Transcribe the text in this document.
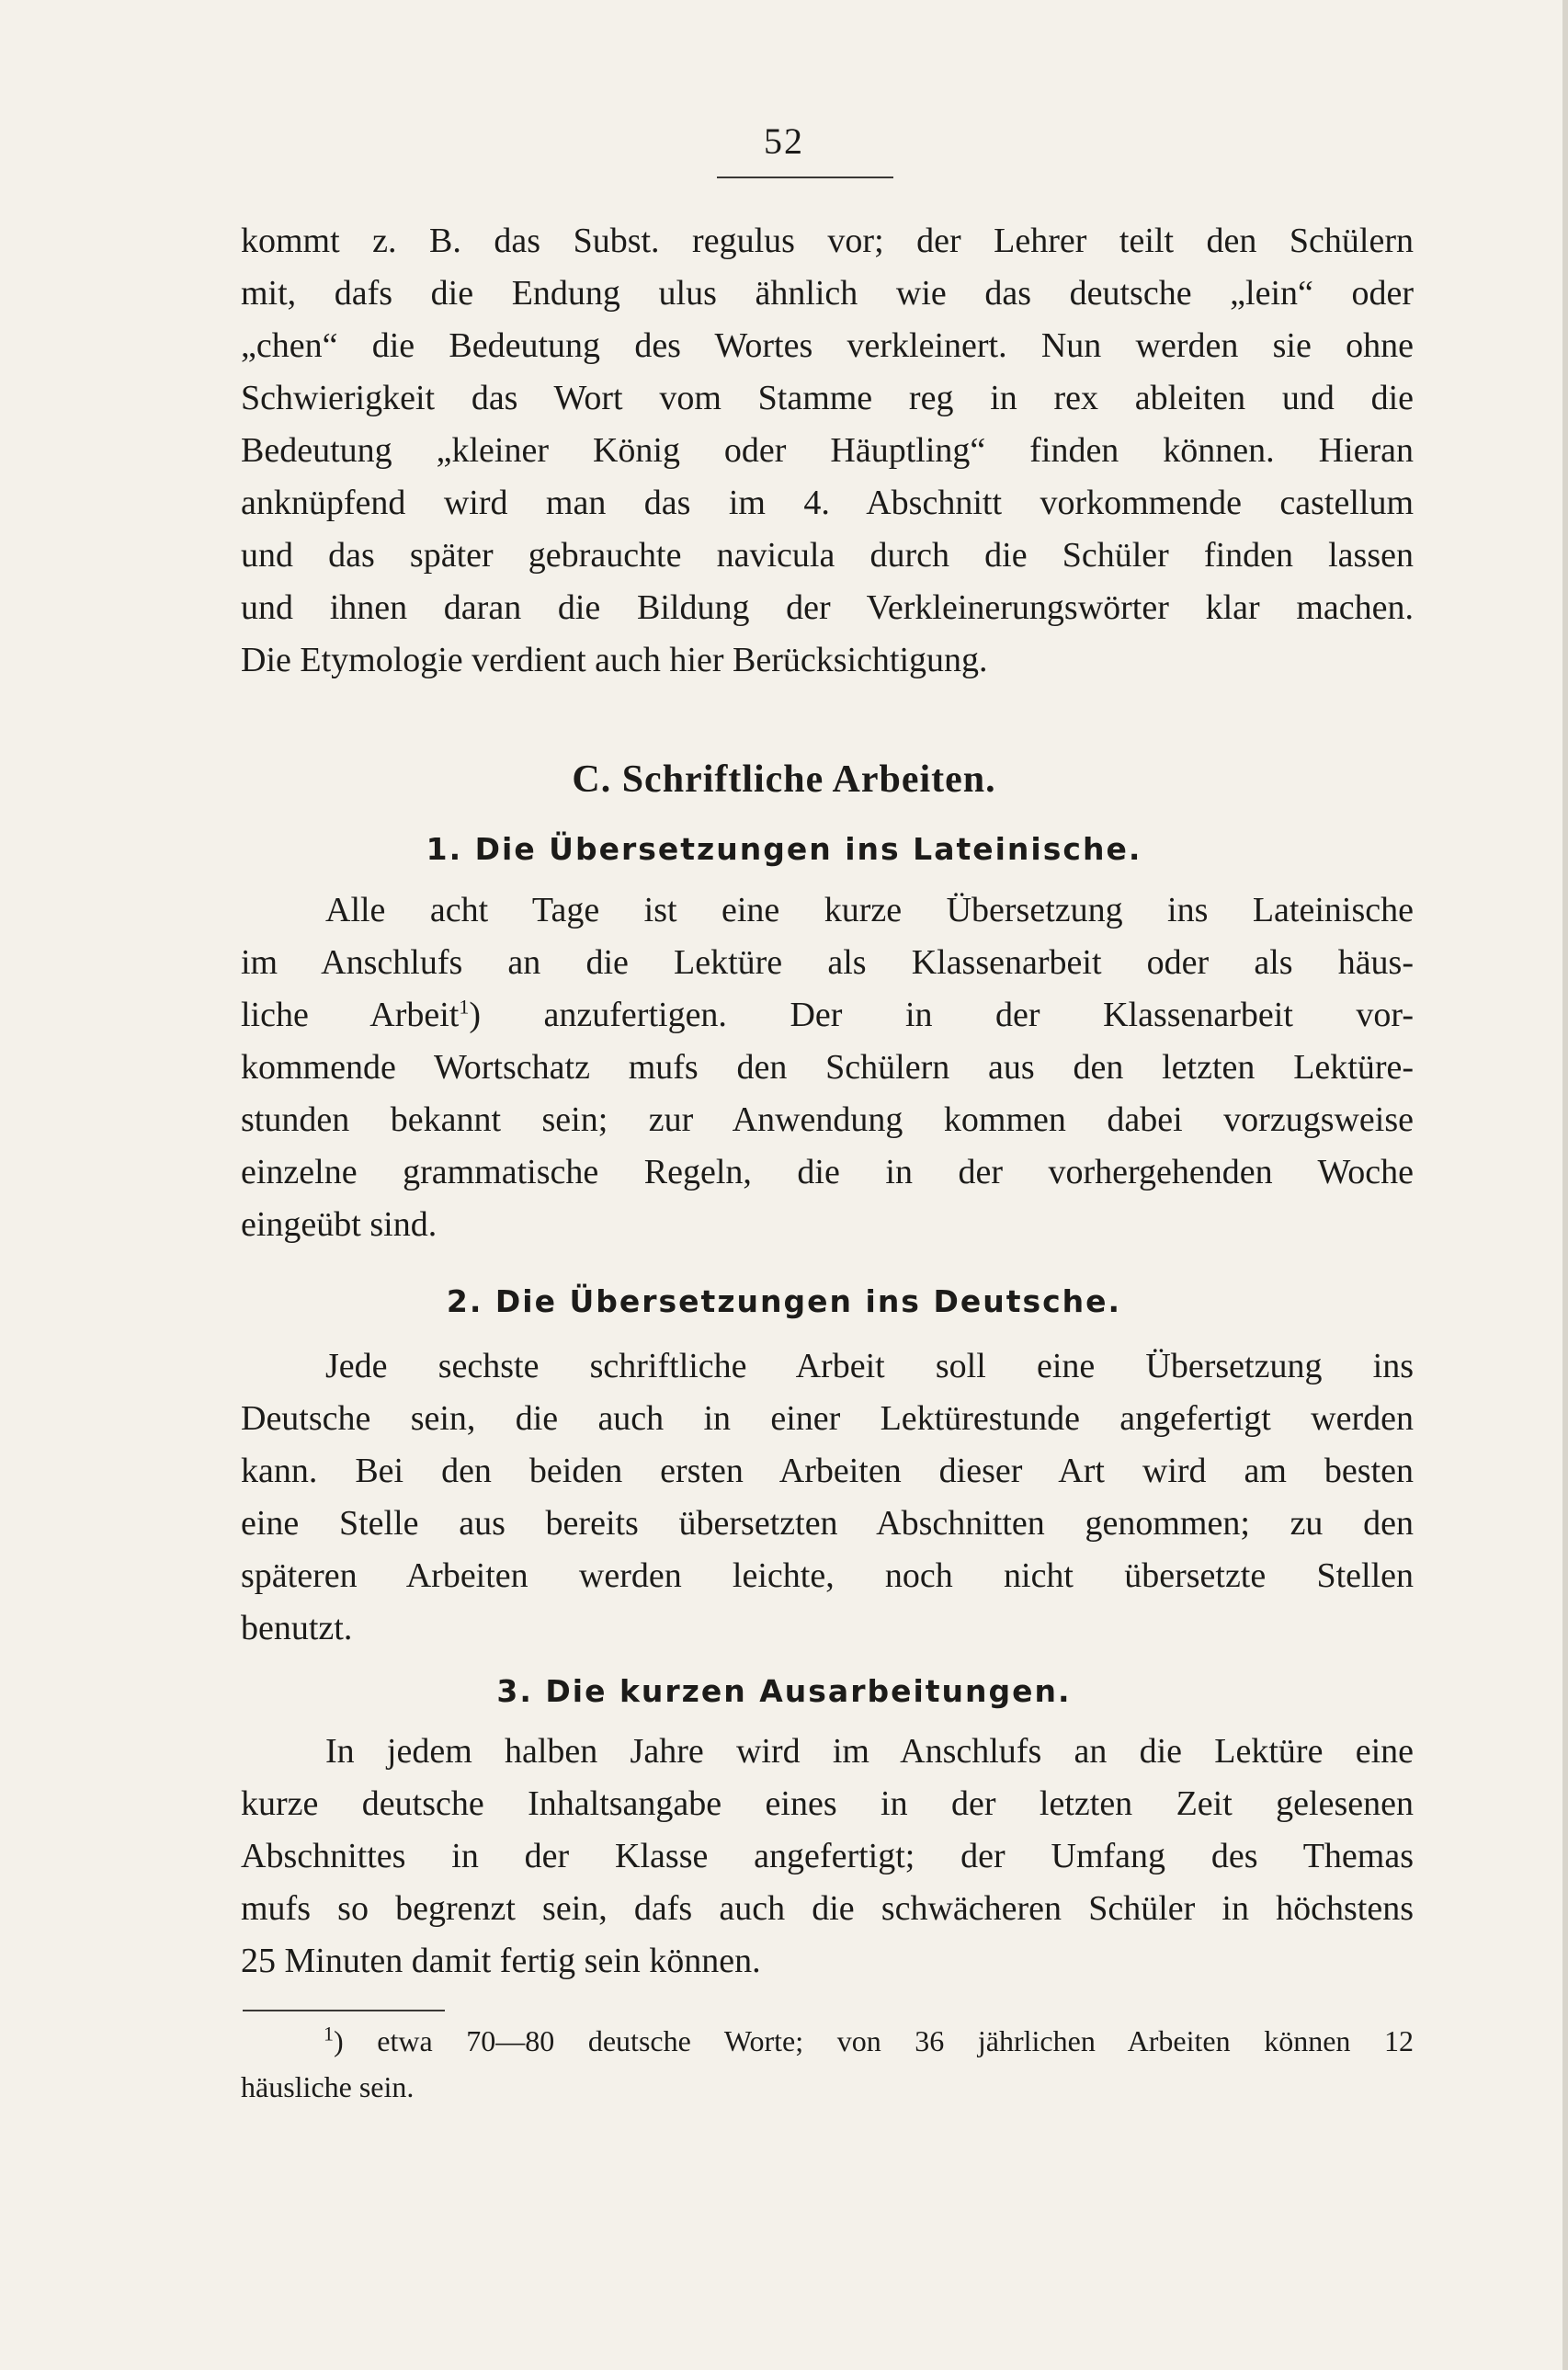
52
kommt z. B. das Subst. regulus vor; der Lehrer teilt den Schülern
mit, dafs die Endung ulus ähnlich wie das deutsche „lein“ oder
„chen“ die Bedeutung des Wortes verkleinert. Nun werden sie ohne
Schwierigkeit das Wort vom Stamme reg in rex ableiten und die
Bedeutung „kleiner König oder Häuptling“ finden können. Hieran
anknüpfend wird man das im 4. Abschnitt vorkommende castellum
und das später gebrauchte navicula durch die Schüler finden lassen
und ihnen daran die Bildung der Verkleinerungswörter klar machen.
Die Etymologie verdient auch hier Berücksichtigung.
C. Schriftliche Arbeiten.
1. Die Übersetzungen ins Lateinische.
Alle acht Tage ist eine kurze Übersetzung ins Lateinische
im Anschlufs an die Lektüre als Klassenarbeit oder als häus-
liche Arbeit$^1$) anzufertigen. Der in der Klassenarbeit vor-
kommende Wortschatz mufs den Schülern aus den letzten Lektüre-
stunden bekannt sein; zur Anwendung kommen dabei vorzugsweise
einzelne grammatische Regeln, die in der vorhergehenden Woche
eingeübt sind.
2. Die Übersetzungen ins Deutsche.
Jede sechste schriftliche Arbeit soll eine Übersetzung ins
Deutsche sein, die auch in einer Lektürestunde angefertigt werden
kann. Bei den beiden ersten Arbeiten dieser Art wird am besten
eine Stelle aus bereits übersetzten Abschnitten genommen; zu den
späteren Arbeiten werden leichte, noch nicht übersetzte Stellen
benutzt.
3. Die kurzen Ausarbeitungen.
In jedem halben Jahre wird im Anschlufs an die Lektüre eine
kurze deutsche Inhaltsangabe eines in der letzten Zeit gelesenen
Abschnittes in der Klasse angefertigt; der Umfang des Themas
mufs so begrenzt sein, dafs auch die schwächeren Schüler in höchstens
25 Minuten damit fertig sein können.
$^1$) etwa 70—80 deutsche Worte; von 36 jährlichen Arbeiten können 12
häusliche sein.
